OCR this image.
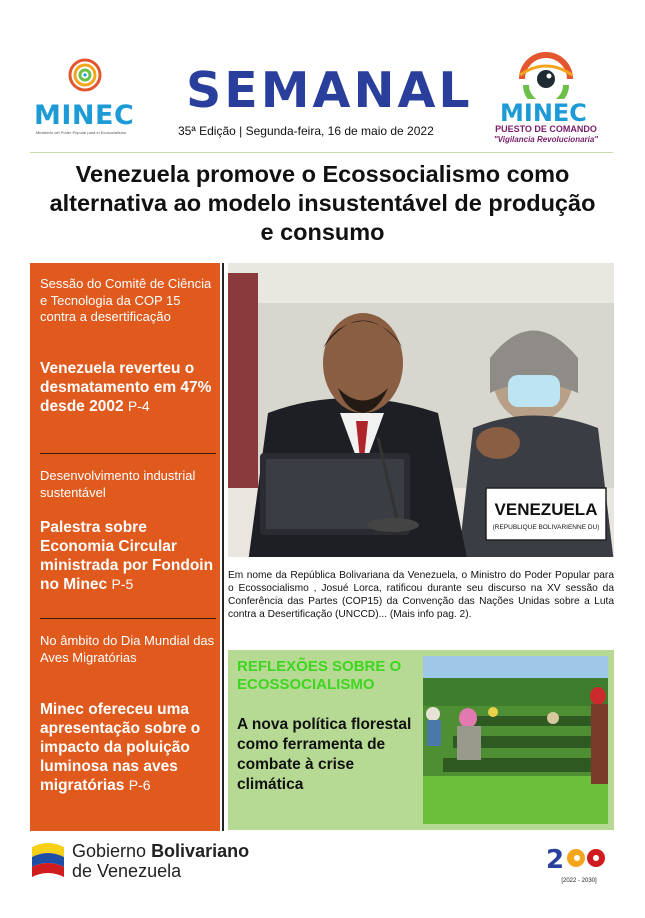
MINEC
Ministerio del Poder Popular para el Ecosocialismo
SEMANAL
35ª Edição | Segunda-feira, 16 de maio de 2022
MINEC
PUESTO DE COMANDO
"Vigilancia Revolucionaria"
Venezuela promove o Ecossocialismo como alternativa ao modelo insustentável de produção e consumo
Sessão do Comitê de Ciência e Tecnologia da COP 15 contra a desertificação
Venezuela reverteu o desmatamento em 47% desde 2002 P-4
Desenvolvimento industrial sustentável
Palestra sobre Economia Circular ministrada por Fondoin no Minec P-5
No âmbito do Dia Mundial das Aves Migratórias
Minec ofereceu uma apresentação sobre o impacto da poluição luminosa nas aves migratórias P-6
VENEZUELA
(REPUBLIQUE BOLIVARIENNE DU)
Em nome da República Bolivariana da Venezuela, o Ministro do Poder Popular para o Ecossocialismo , Josué Lorca, ratificou durante seu discurso na XV sessão da Conferência das Partes (COP15) da Convenção das Nações Unidas sobre a Luta contra a Desertificação (UNCCD)... (Mais info pag. 2).
REFLEXÕES SOBRE O ECOSSOCIALISMO
A nova política florestal como ferramenta de combate à crise climática
Gobierno Bolivariano
de Venezuela	2
[2022 - 2030]
